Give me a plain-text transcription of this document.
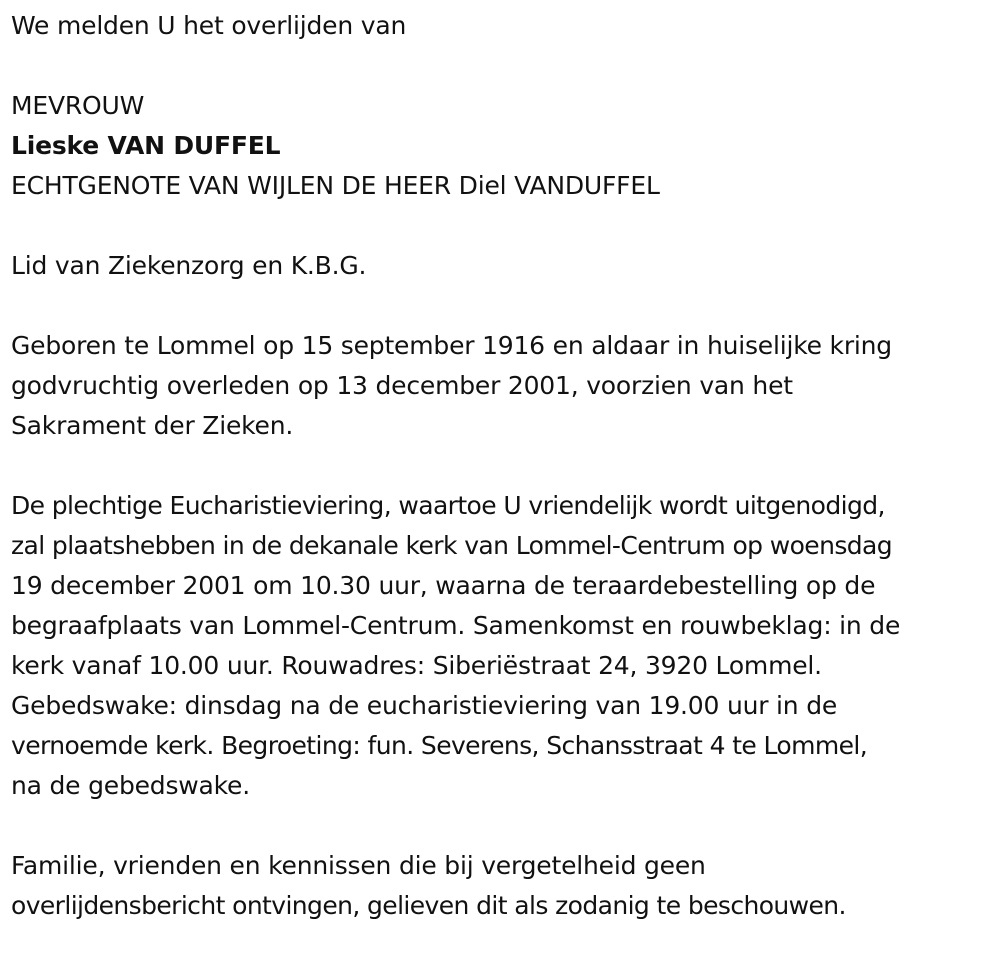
We melden U het overlijden van
MEVROUW
Lieske VAN DUFFEL
ECHTGENOTE VAN WIJLEN DE HEER Diel VANDUFFEL
Lid van Ziekenzorg en K.B.G.
Geboren te Lommel op 15 september 1916 en aldaar in huiselijke kring
godvruchtig overleden op 13 december 2001, voorzien van het
Sakrament der Zieken.
De plechtige Eucharistieviering, waartoe U vriendelijk wordt uitgenodigd,
zal plaatshebben in de dekanale kerk van Lommel-Centrum op woensdag
19 december 2001 om 10.30 uur, waarna de teraardebestelling op de
begraafplaats van Lommel-Centrum. Samenkomst en rouwbeklag: in de
kerk vanaf 10.00 uur. Rouwadres: Siberiëstraat 24, 3920 Lommel.
Gebedswake: dinsdag na de eucharistieviering van 19.00 uur in de
vernoemde kerk. Begroeting: fun. Severens, Schansstraat 4 te Lommel,
na de gebedswake.
Familie, vrienden en kennissen die bij vergetelheid geen
overlijdensbericht ontvingen, gelieven dit als zodanig te beschouwen.
